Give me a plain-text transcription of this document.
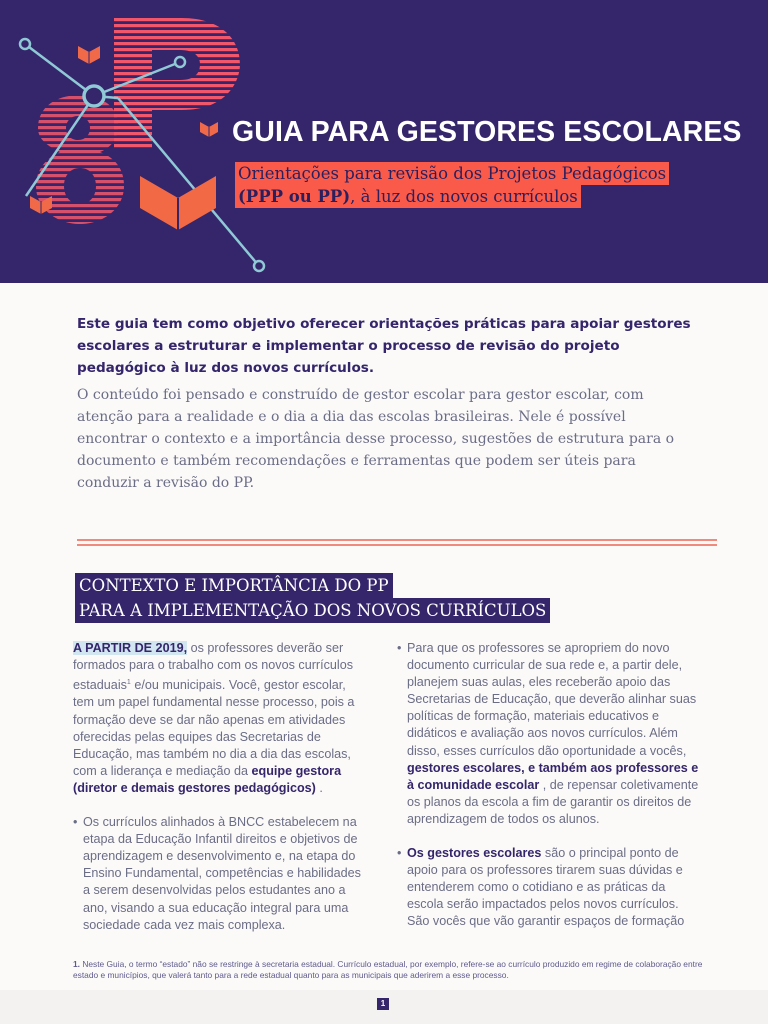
GUIA PARA GESTORES ESCOLARES
Orientações para revisão dos Projetos Pedagógicos
(PPP ou PP), à luz dos novos currículos

Este guia tem como objetivo oferecer orientações práticas para apoiar gestores escolares a estruturar e implementar o processo de revisão do projeto pedagógico à luz dos novos currículos.

O conteúdo foi pensado e construído de gestor escolar para gestor escolar, com atenção para a realidade e o dia a dia das escolas brasileiras. Nele é possível encontrar o contexto e a importância desse processo, sugestões de estrutura para o documento e também recomendações e ferramentas que podem ser úteis para conduzir a revisão do PP.

CONTEXTO E IMPORTÂNCIA DO PP
PARA A IMPLEMENTAÇÃO DOS NOVOS CURRÍCULOS

A PARTIR DE 2019, os professores deverão ser formados para o trabalho com os novos currículos estaduais$^1$ e/ou municipais. Você, gestor escolar, tem um papel fundamental nesse processo, pois a formação deve se dar não apenas em atividades oferecidas pelas equipes das Secretarias de Educação, mas também no dia a dia das escolas, com a liderança e mediação da equipe gestora (diretor e demais gestores pedagógicos) .

• Os currículos alinhados à BNCC estabelecem na etapa da Educação Infantil direitos e objetivos de aprendizagem e desenvolvimento e, na etapa do Ensino Fundamental, competências e habilidades a serem desenvolvidas pelos estudantes ano a ano, visando a sua educação integral para uma sociedade cada vez mais complexa.

• Para que os professores se apropriem do novo documento curricular de sua rede e, a partir dele, planejem suas aulas, eles receberão apoio das Secretarias de Educação, que deverão alinhar suas políticas de formação, materiais educativos e didáticos e avaliação aos novos currículos. Além disso, esses currículos dão oportunidade a vocês, gestores escolares, e também aos professores e à comunidade escolar , de repensar coletivamente os planos da escola a fim de garantir os direitos de aprendizagem de todos os alunos.

• Os gestores escolares são o principal ponto de apoio para os professores tirarem suas dúvidas e entenderem como o cotidiano e as práticas da escola serão impactados pelos novos currículos. São vocês que vão garantir espaços de formação

1. Neste Guia, o termo “estado” não se restringe à secretaria estadual. Currículo estadual, por exemplo, refere-se ao currículo produzido em regime de colaboração entre estado e municípios, que valerá tanto para a rede estadual quanto para as municipais que aderirem a esse processo.
1
